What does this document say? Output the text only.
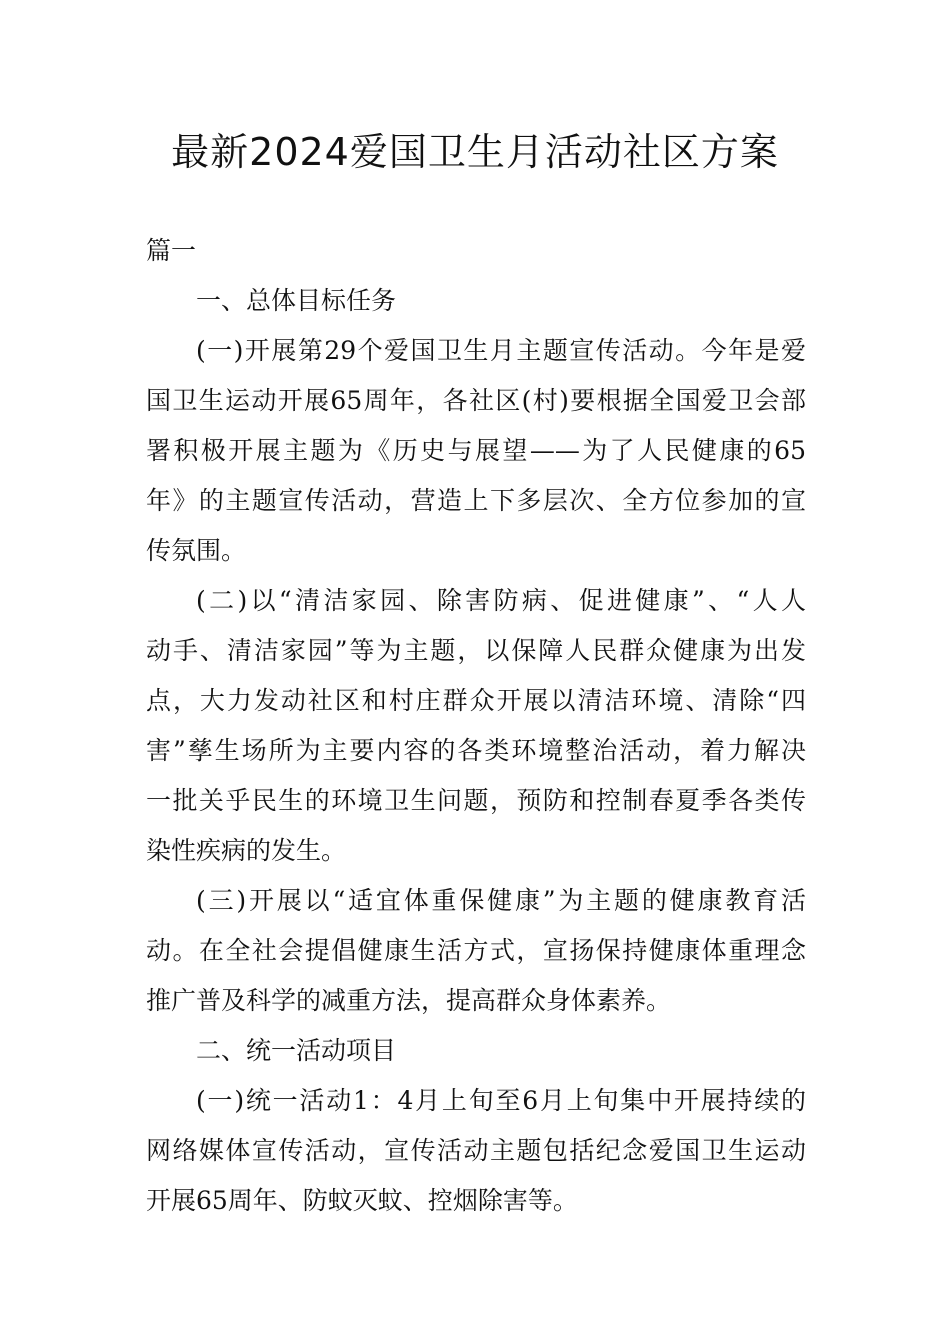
最新2024爱国卫生月活动社区方案

篇一

一、总体目标任务

(一)开展第29个爱国卫生月主题宣传活动。今年是爱
国卫生运动开展65周年，各社区(村)要根据全国爱卫会部
署积极开展主题为《历史与展望——为了人民健康的65
年》的主题宣传活动，营造上下多层次、全方位参加的宣
传氛围。
(二)以“清洁家园、除害防病、促进健康”、“人人
动手、清洁家园”等为主题，以保障人民群众健康为出发
点，大力发动社区和村庄群众开展以清洁环境、清除“四
害”孳生场所为主要内容的各类环境整治活动，着力解决
一批关乎民生的环境卫生问题，预防和控制春夏季各类传
染性疾病的发生。
(三)开展以“适宜体重保健康”为主题的健康教育活
动。在全社会提倡健康生活方式，宣扬保持健康体重理念
推广普及科学的减重方法，提高群众身体素养。

二、统一活动项目

(一)统一活动1：4月上旬至6月上旬集中开展持续的
网络媒体宣传活动，宣传活动主题包括纪念爱国卫生运动
开展65周年、防蚊灭蚊、控烟除害等。
